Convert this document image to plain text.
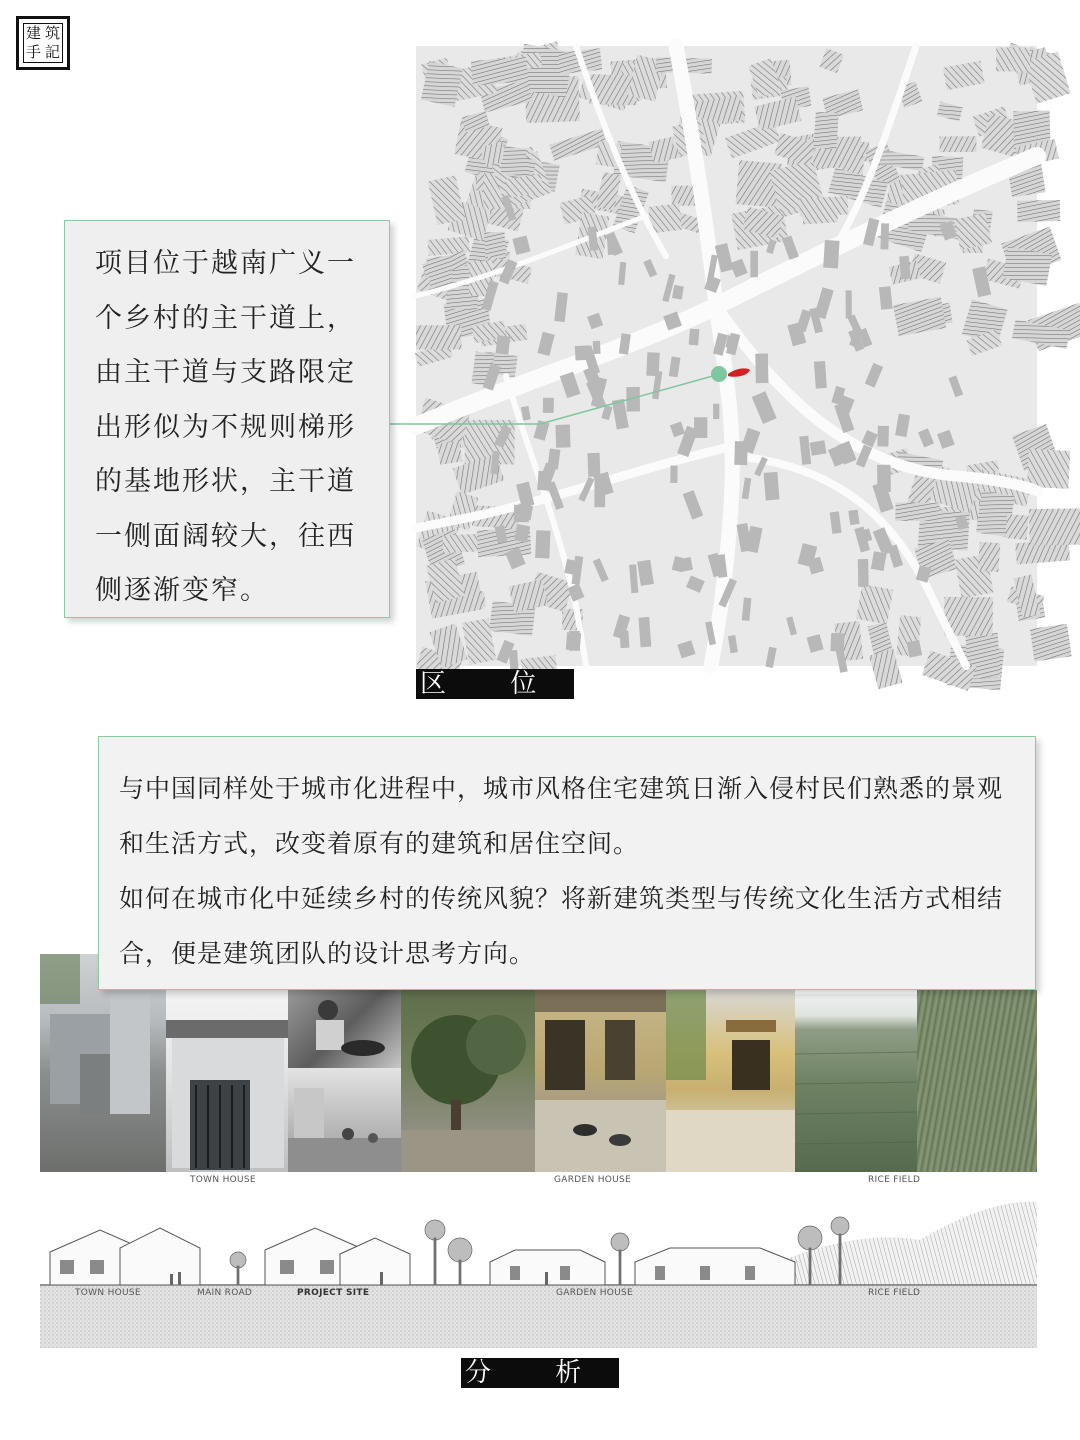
建 筑
手 記

项目位于越南广义一
个乡村的主干道上，
由主干道与支路限定
出形似为不规则梯形
的基地形状，主干道
一侧面阔较大，往西
侧逐渐变窄。

区 位 图

与中国同样处于城市化进程中，城市风格住宅建筑日渐入侵村民们熟悉的景观和生活方式，改变着原有的建筑和居住空间。

如何在城市化中延续乡村的传统风貌？将新建筑类型与传统文化生活方式相结合，便是建筑团队的设计思考方向。

TOWN HOUSE	GARDEN HOUSE	RICE FIELD
TOWN HOUSE	MAIN ROAD	PROJECT SITE	GARDEN HOUSE	RICE FIELD
分 析 图
